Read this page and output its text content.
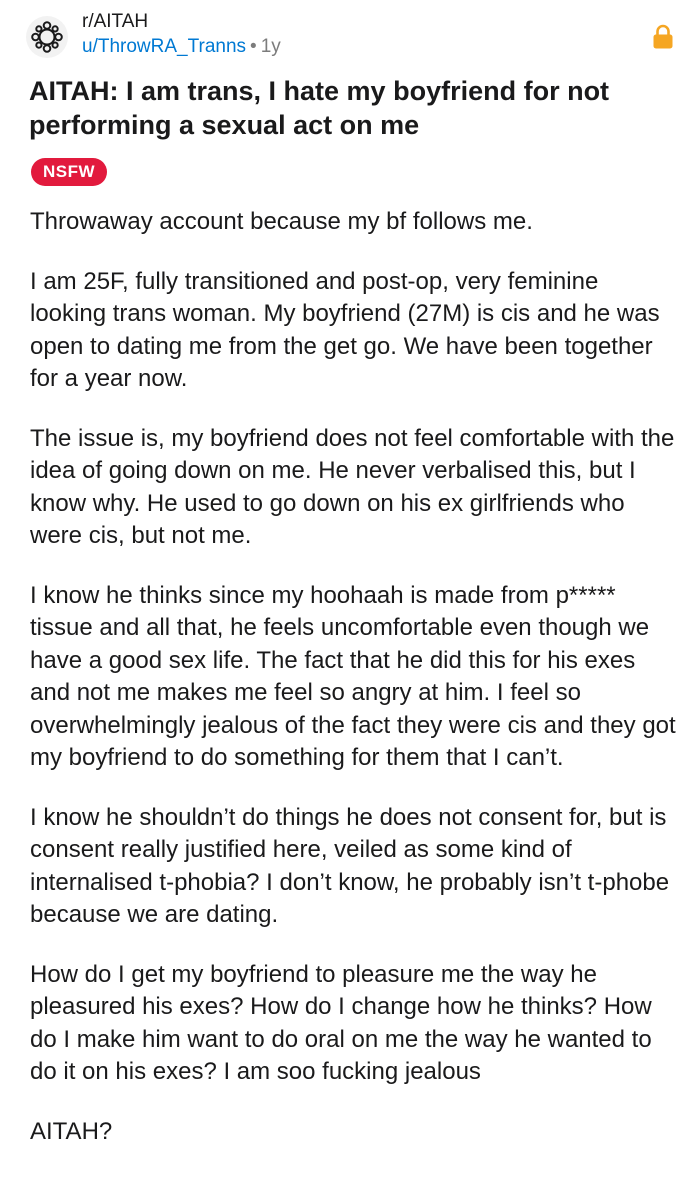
r/AITAH
u/ThrowRA_Tranns • 1y
AITAH: I am trans, I hate my boyfriend for not performing a sexual act on me
NSFW

Throwaway account because my bf follows me.

I am 25F, fully transitioned and post-op, very feminine looking trans woman. My boyfriend (27M) is cis and he was open to dating me from the get go. We have been together for a year now.

The issue is, my boyfriend does not feel comfortable with the idea of going down on me. He never verbalised this, but I know why. He used to go down on his ex girlfriends who were cis, but not me.

I know he thinks since my hoohaah is made from p***** tissue and all that, he feels uncomfortable even though we have a good sex life. The fact that he did this for his exes and not me makes me feel so angry at him. I feel so overwhelmingly jealous of the fact they were cis and they got my boyfriend to do something for them that I can’t.

I know he shouldn’t do things he does not consent for, but is consent really justified here, veiled as some kind of internalised t-phobia? I don’t know, he probably isn’t t-phobe because we are dating.

How do I get my boyfriend to pleasure me the way he pleasured his exes? How do I change how he thinks? How do I make him want to do oral on me the way he wanted to do it on his exes? I am soo fucking jealous

AITAH?
